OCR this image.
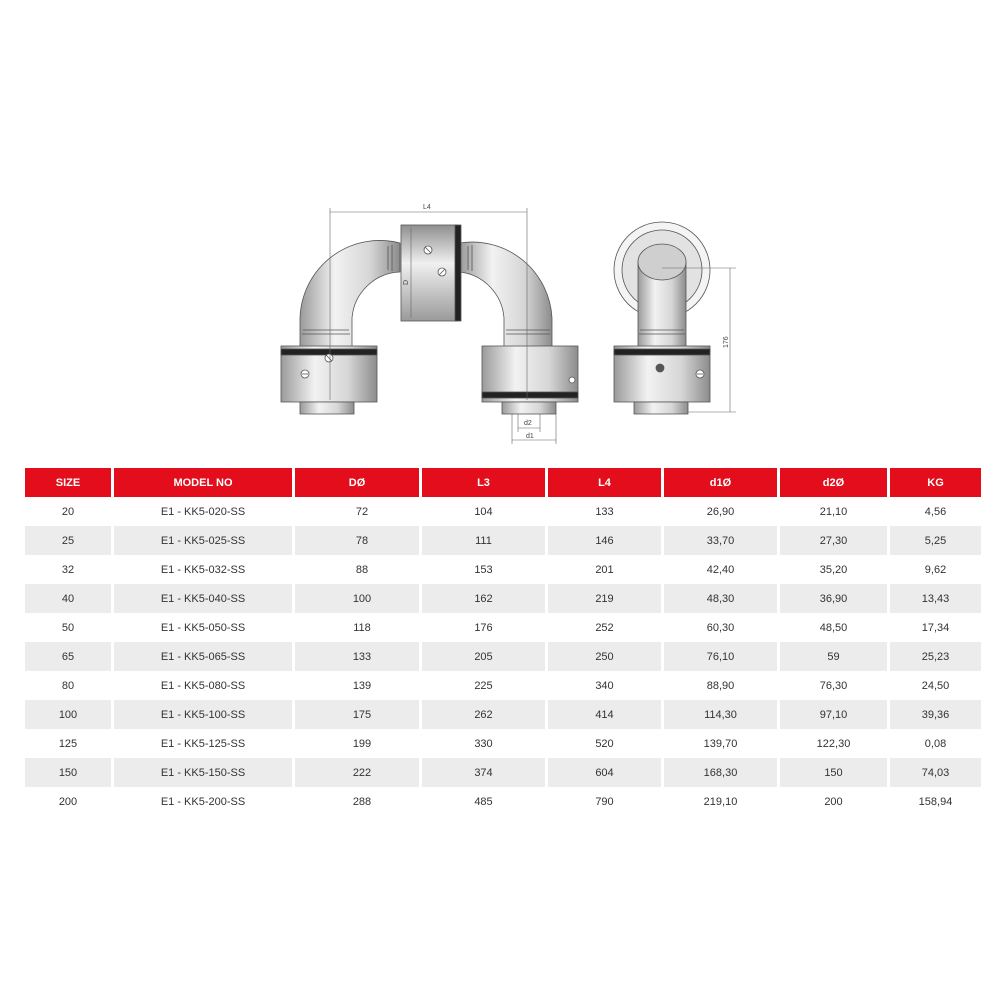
L4
D
d2
d1
176
SIZE	MODEL NO	DØ	L3	L4	d1Ø	d2Ø	KG
20	E1 - KK5-020-SS	72	104	133	26,90	21,10	4,56
25	E1 - KK5-025-SS	78	111	146	33,70	27,30	5,25
32	E1 - KK5-032-SS	88	153	201	42,40	35,20	9,62
40	E1 - KK5-040-SS	100	162	219	48,30	36,90	13,43
50	E1 - KK5-050-SS	118	176	252	60,30	48,50	17,34
65	E1 - KK5-065-SS	133	205	250	76,10	59	25,23
80	E1 - KK5-080-SS	139	225	340	88,90	76,30	24,50
100	E1 - KK5-100-SS	175	262	414	114,30	97,10	39,36
125	E1 - KK5-125-SS	199	330	520	139,70	122,30	0,08
150	E1 - KK5-150-SS	222	374	604	168,30	150	74,03
200	E1 - KK5-200-SS	288	485	790	219,10	200	158,94
